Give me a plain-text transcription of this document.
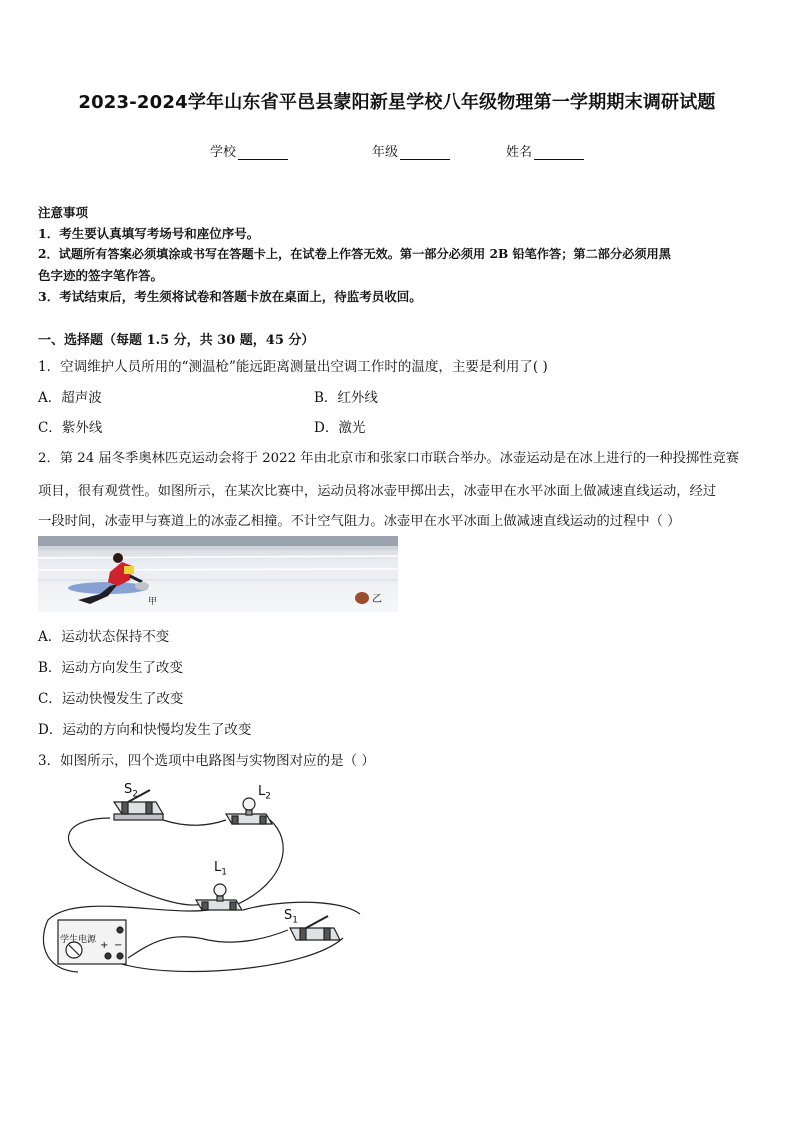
2023-2024学年山东省平邑县蒙阳新星学校八年级物理第一学期期末调研试题
学校	年级	姓名
注意事项
1．考生要认真填写考场号和座位序号。
2．试题所有答案必须填涂或书写在答题卡上，在试卷上作答无效。第一部分必须用 2B 铅笔作答；第二部分必须用黑
色字迹的签字笔作答。
3．考试结束后，考生须将试卷和答题卡放在桌面上，待监考员收回。
一、选择题（每题 1.5 分，共 30 题，45 分）
1．空调维护人员所用的“测温枪”能远距离测量出空调工作时的温度，主要是利用了( )
A．超声波	B．红外线
C．紫外线	D．激光
2．第 24 届冬季奥林匹克运动会将于 2022 年由北京市和张家口市联合举办。冰壶运动是在冰上进行的一种投掷性竞赛
项目，很有观赏性。如图所示，在某次比赛中，运动员将冰壶甲掷出去，冰壶甲在水平冰面上做减速直线运动，经过
一段时间，冰壶甲与赛道上的冰壶乙相撞。不计空气阻力。冰壶甲在水平冰面上做减速直线运动的过程中（ ）
甲	乙
A．运动状态保持不变
B．运动方向发生了改变
C．运动快慢发生了改变
D．运动的方向和快慢均发生了改变
3．如图所示，四个选项中电路图与实物图对应的是（ ）
$S_2$	$L_2$
$L_1$
$S_1$
学生电源 + −
